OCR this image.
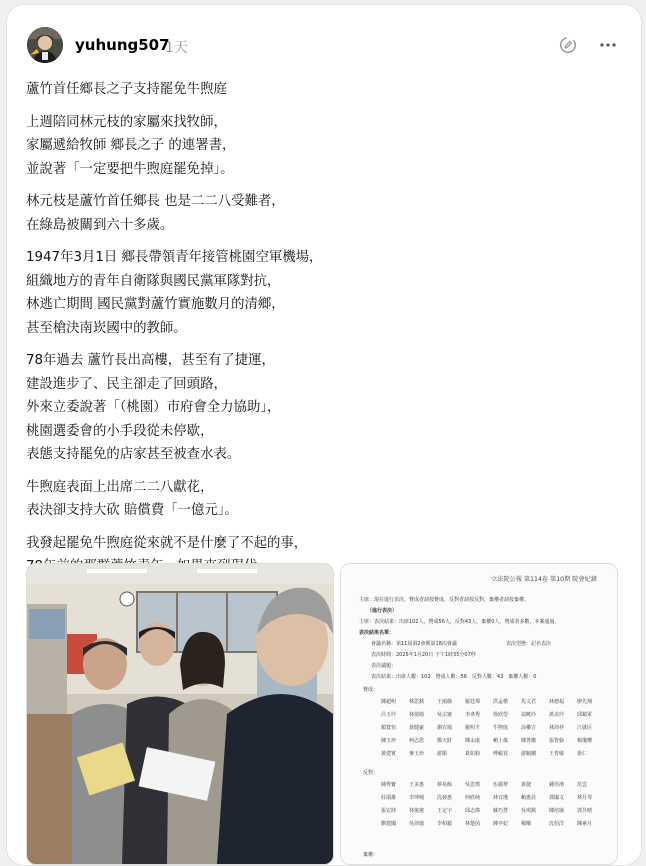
yuhung507
1天

蘆竹首任鄉長之子支持罷免牛煦庭

上週陪同林元枝的家屬來找牧師，
家屬遞給牧師 鄉長之子 的連署書，
並說著「一定要把牛煦庭罷免掉」。

林元枝是蘆竹首任鄉長 也是二二八受難者，
在綠島被關到六十多歲。

1947年3月1日 鄉長帶領青年接管桃園空軍機場，
組織地方的青年自衛隊與國民黨軍隊對抗，
林逃亡期間 國民黨對蘆竹實施數月的清鄉，
甚至槍決南崁國中的教師。

78年過去 蘆竹長出高樓，甚至有了捷運，
建設進步了、民主卻走了回頭路，
外來立委說著「（桃園）市府會全力協助」，
桃園選委會的小手段從未停歇，
表態支持罷免的店家甚至被查水表。

牛煦庭表面上出席二二八獻花，
表決卻支持大砍 賠償費「一億元」。

我發起罷免牛煦庭從來就不是什麼了不起的事，

立法院公報 第114卷 第10期 院會紀錄
主席：現在進行表決，贊成者請按贊成，反對者請按反對，棄權者請按棄權。
（進行表決）
主席：表決結果：出席102人，贊成56人，反對43人，棄權0人，贊成者多數，本案通過。
表決結果名單：
會議名稱：第11屆第2會期第18次會議	表決型態：記名表決
表決時間：2025年1月20日 下午1時35分07秒
表決議題：
表決結果：出席人數：102　贊成人數：56　反對人數：43　棄權人數：0
贊成：
陳超明	林思銘	王鴻薇	羅廷瑋	洪孟楷	馬文君	林德福	廖先翔
呂玉玲	林倩綺	吳宗憲	李彥秀	徐欣瑩	翁曉玲	萬美玲	邱鎮軍
顏寬恒	黃健豪	謝衣鳯	羅明才	牛煦庭	涂權吉	林沛祥	江啟臣
陳玉珍	柯志恩	鄭天財	陳永康	賴士葆	陳菁徽	張智倫	楊瓊瓔
黃建賓	麥玉珍	游顥	葛如鈞	傅崐萁	游毓蘭	王育敏	黃仁
反對：
陳秀寶	王美惠	蔡易餘	吳思瑤	伍麗華	黃捷	鍾佳濱	范雲
莊瑞雄	李坤城	沈發惠	何欣純	林宜瑾	賴惠員	郭國文	林月琴
張宏陸	林俊憲	王定宇	邱志偉	蘇巧慧	吳琪銘	陳培瑜	郭昱晴
劉建國	吳沛憶	李柏毅	林楚茵	陳亭妃	楊曜	沈伯洋	陳素月
棄權：
